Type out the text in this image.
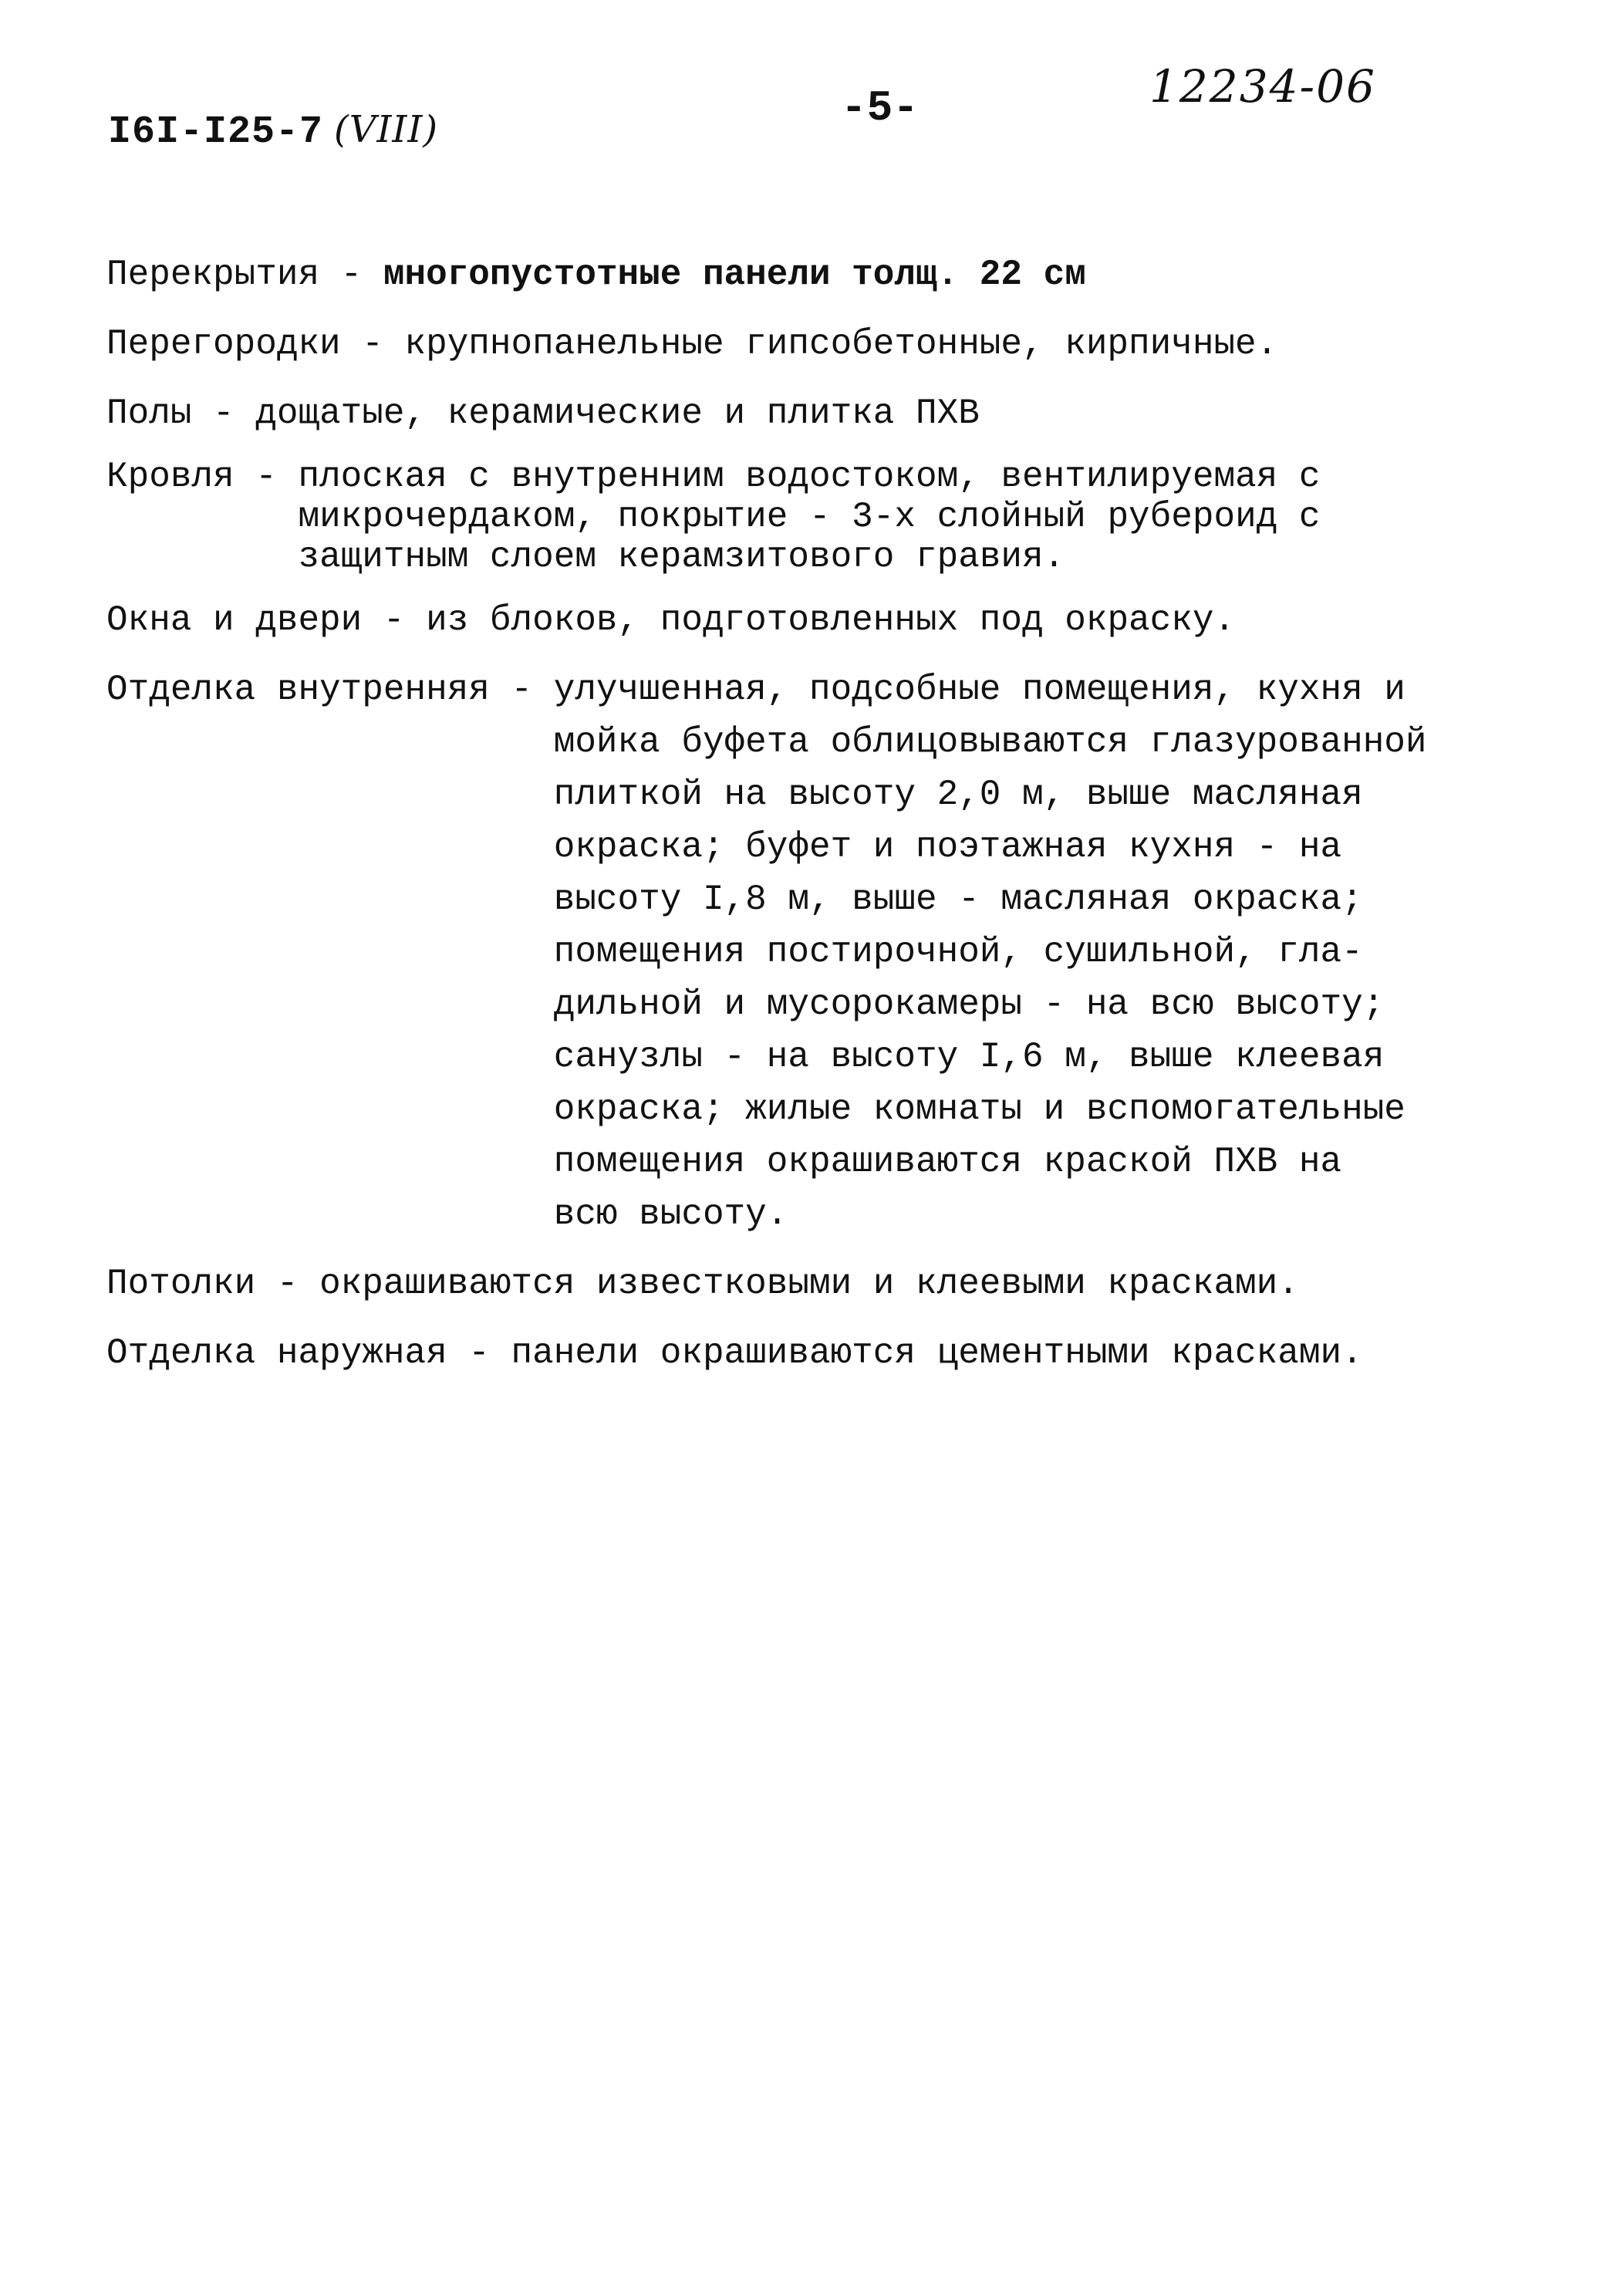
I6I-I25-7 (VIII)	-5-	12234-06
Перекрытия - многопустотные панели толщ. 22 см
Перегородки - крупнопанельные гипсобетонные, кирпичные.
Полы - дощатые, керамические и плитка ПХВ
Кровля - плоская с внутренним водостоком, вентилируемая с
микрочердаком, покрытие - 3-х слойный рубероид с
защитным слоем керамзитового гравия.
Окна и двери - из блоков, подготовленных под окраску.
Отделка внутренняя - улучшенная, подсобные помещения, кухня и
мойка буфета облицовываются глазурованной
плиткой на высоту 2,0 м, выше масляная
окраска; буфет и поэтажная кухня - на
высоту I,8 м, выше - масляная окраска;
помещения постирочной, сушильной, гла-
дильной и мусорокамеры - на всю высоту;
санузлы - на высоту I,6 м, выше клеевая
окраска; жилые комнаты и вспомогательные
помещения окрашиваются краской ПХВ на
всю высоту.
Потолки - окрашиваются известковыми и клеевыми красками.
Отделка наружная - панели окрашиваются цементными красками.
